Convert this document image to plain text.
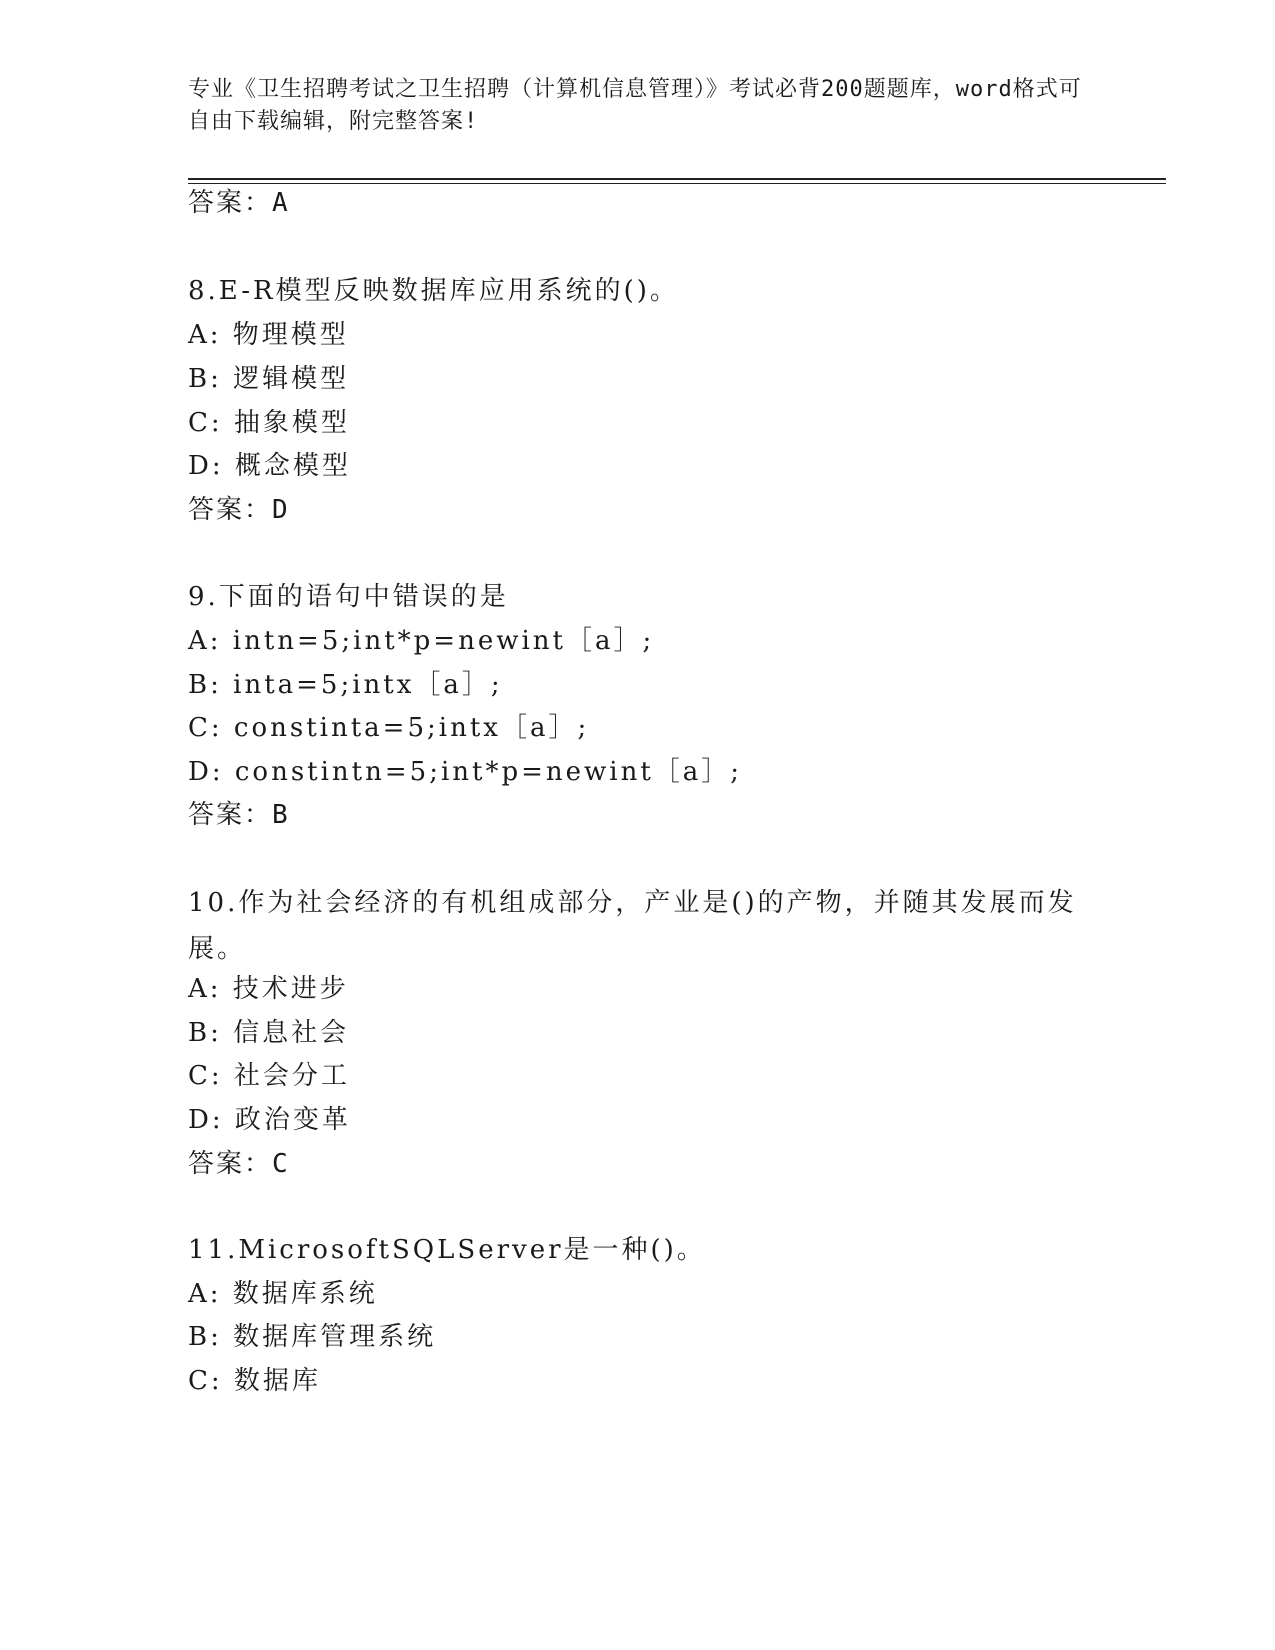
专业《卫生招聘考试之卫生招聘（计算机信息管理）》考试必背200题题库，word格式可自由下载编辑，附完整答案!
答案：A
8.E-R模型反映数据库应用系统的()。
A: 物理模型
B: 逻辑模型
C: 抽象模型
D: 概念模型
答案：D
9.下面的语句中错误的是
A: intn=5;int*p=newint［a］;
B: inta=5;intx［a］;
C: constinta=5;intx［a］;
D: constintn=5;int*p=newint［a］;
答案：B
10.作为社会经济的有机组成部分，产业是()的产物，并随其发展而发展。
A: 技术进步
B: 信息社会
C: 社会分工
D: 政治变革
答案：C
11.MicrosoftSQLServer是一种()。
A: 数据库系统
B: 数据库管理系统
C: 数据库
